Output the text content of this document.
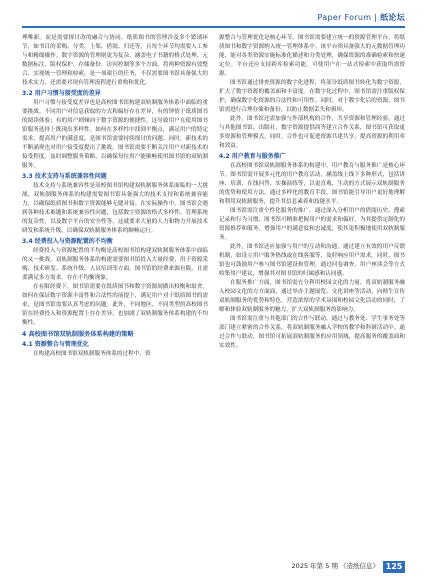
Paper Forum | 纸论坛

理唯新。而是需要探讨改的融合与协同。纸质图书的管理涉及多个繁琐环节，如书目的采购、分类、上架、借阅、归还等，且每个环节均需要人工参与和精细操作。数字资源的管理则更为复杂，涵盖电子书籍的格式处理、元数据标注、版权保护、存储备份、访问控制等多个方面。将两种资源有效整合，实现统一管理和检索，是一项艰巨的任务，不仅需要图书馆具备强大的技术实力，还需要对现有管理流程进行重构和优化。

3.2 用户习惯与接受度的差异

用户习惯与接受度差异也是高校图书馆构建双轨制服务体系中面临的重要挑战。不同用户对信息获取的方式和偏好存在差异，有的钟情于纸质图书的阅读体验；有的用户则倾向于数字资源的便捷性。这导致用户在使用图书馆服务选择上既现出多样性。如何在多样性中找到平衡点，满足用户的特定需求，提高用户的满意度，是图书馆需要持续探讨的问题。同时，新技术的不断涌现也对用户接受度提出了挑战。图书馆需要不断关注用户对新技术的接受程度，及时调整服务策略，以确保每位用户能顺畅使用图书馆的双轨制服务。

3.3 技术支持与系统兼容性问题

技术支持与系统兼容性是高校图书馆构建双轨制服务体系面临的一大挑战。双轨制服务体系的构建需要图书馆具备强大的技术支持和系统兼容能力，以确保纸质图书和数字资源能够无缝对接。在实际操作中，图书馆会遇到各种技术难题和系统兼容性问题，包括数字资源的格式多样性、管理系统的复杂性，以及数字平台的安全性等，这就要求大量的人力和物力开展技术研发和系统升级，以确保双轨制服务体系的顺畅运行。

3.4 经费投入与资源配置的不均衡

经费投入与资源配置的不均衡是高校图书馆构建双轨制服务体系中面临的又一挑战。双轨制服务体系的构建需要图书馆投入大量经费，用于资源采购、技术研发、系统升级、人员培训等方面。图书馆的经费来源有限，且需要满足多方需求，存在不均衡现象。

在有限经费下，图书馆需要在纸质图书和数字资源间做出权衡和取舍。如何在保证数字资源丰富性和合法性的前提下，满足用户对于纸质图书的需求，是图书馆需要认真考虑的问题。此外，不同地区、不同类型的高校图书馆在经费投入和资源配置上存在差异，也加剧了双轨制服务体系构建的不均衡性。

4 高校图书馆双轨制服务体系构建的策略
4.1 资源整合与管理优化

在构建高校图书馆双轨制服务体系的过程中，资

源整合与管理优化是核心环节。图书馆需要建立统一的资源管理平台，将纸质图书和数字资源纳入统一管理体系中。该平台须具备强大的元数据管理功能，能对各类资源实施标准化描述和分类处理，确保资源的准确检索和快速定位。平台还应支持跨库检索功能，可使用户在一站式检索中获取所需资源。

图书馆通过排查资源的数字化进程，将部分纸质图书转化为数字资源，扩大了数字资源的覆盖面和丰富度。在数字化过程中，图书馆需注重版权保护，确保数字化资源的合法性和可用性。同时，对于数字化后的资源，图书馆需进行合理存储和备份，以防止数据丢失和损坏。

此外，图书馆还需加强与外部机构的合作，共享资源和管理经验。通过与其他图书馆、出版社、数字资源提供商等建立合作关系，图书馆可获取更多资源和管理模式。同时，合作也可促进资源共建共享，提高资源的利用率和效益。

4.2 用户教育与服务推广

在高校图书馆双轨制服务体系的构建中，用户教育与服务推广是核心环节。图书馆需开展多元化的用户教育活动，涵盖线上线下多种形式，包括讲座、培训、在线问答、实操演练等，以更直观、生动的方式展示双轨制服务的优势和使用方法。通过多样化的教育手段，图书馆能引导用户更好地理解和利用双轨制服务，提升其信息素养和技能水平。

图书馆需注重个性化服务的推广。通过深入分析用户的借阅历史、搜索记录和行为习惯，图书馆可精准把握用户的需求和偏好，为其提供定制化的资源推荐和服务，增强用户的满意度和忠诚度，使其更积极地使用双轨制服务。

此外，图书馆还应加强与用户的互动和沟通，通过建立有效的用户反馈机制，如设立用户服务热线或在线客服等，及时响应用户需求。同时，图书馆也可鼓励用户参与图书馆建设和管理，通过问卷调查、用户座谈会等方式收集用户建议，增强其对图书馆的归属感和认同感。

在服务推广方面，图书馆需充分利用校园文化的力量，将双轨制服务融入校园文化的方方面面，通过举办主题展览、文化讲座等活动，向师生宣传双轨制服务的优势和特色，营造浓厚的学术氛围和校园文化活动的同时，了解和体验双轨制服务的魅力，扩大双轨制服务的影响力。

图书馆需注重与其他部门的合作与联动，通过与教务处、学生事务处等部门建立紧密的合作关系，将双轨制服务融入学校的教学和科研活动中。通过合作与联动，图书馆可拓展双轨制服务的应用领域，提高服务的覆盖面和实效性。

2025 年第 5 期 《造纸信息》 125
